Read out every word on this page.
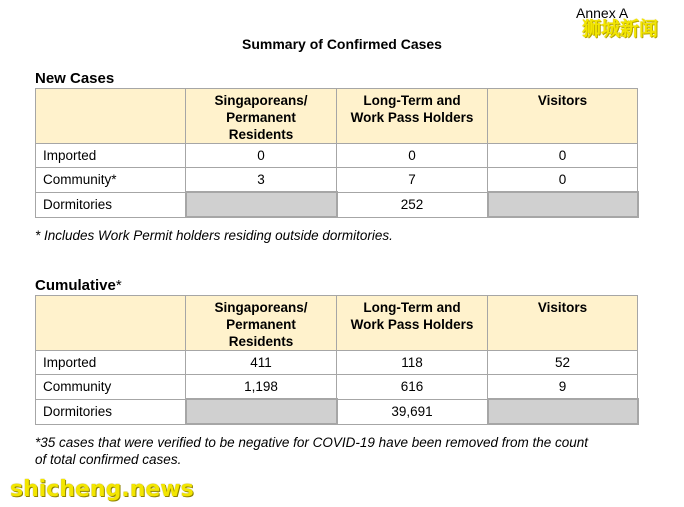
Annex A
狮城新闻
Summary of Confirmed Cases
New Cases
	Singaporeans/
Permanent
Residents	Long-Term and
Work Pass Holders	Visitors
Imported	0	0	0
Community*	3	7	0
Dormitories		252	
* Includes Work Permit holders residing outside dormitories.
Cumulative*
	Singaporeans/
Permanent
Residents	Long-Term and
Work Pass Holders	Visitors
Imported	411	118	52
Community	1,198	616	9
Dormitories		39,691	
*35 cases that were verified to be negative for COVID-19 have been removed from the count
of total confirmed cases.
shicheng.news
